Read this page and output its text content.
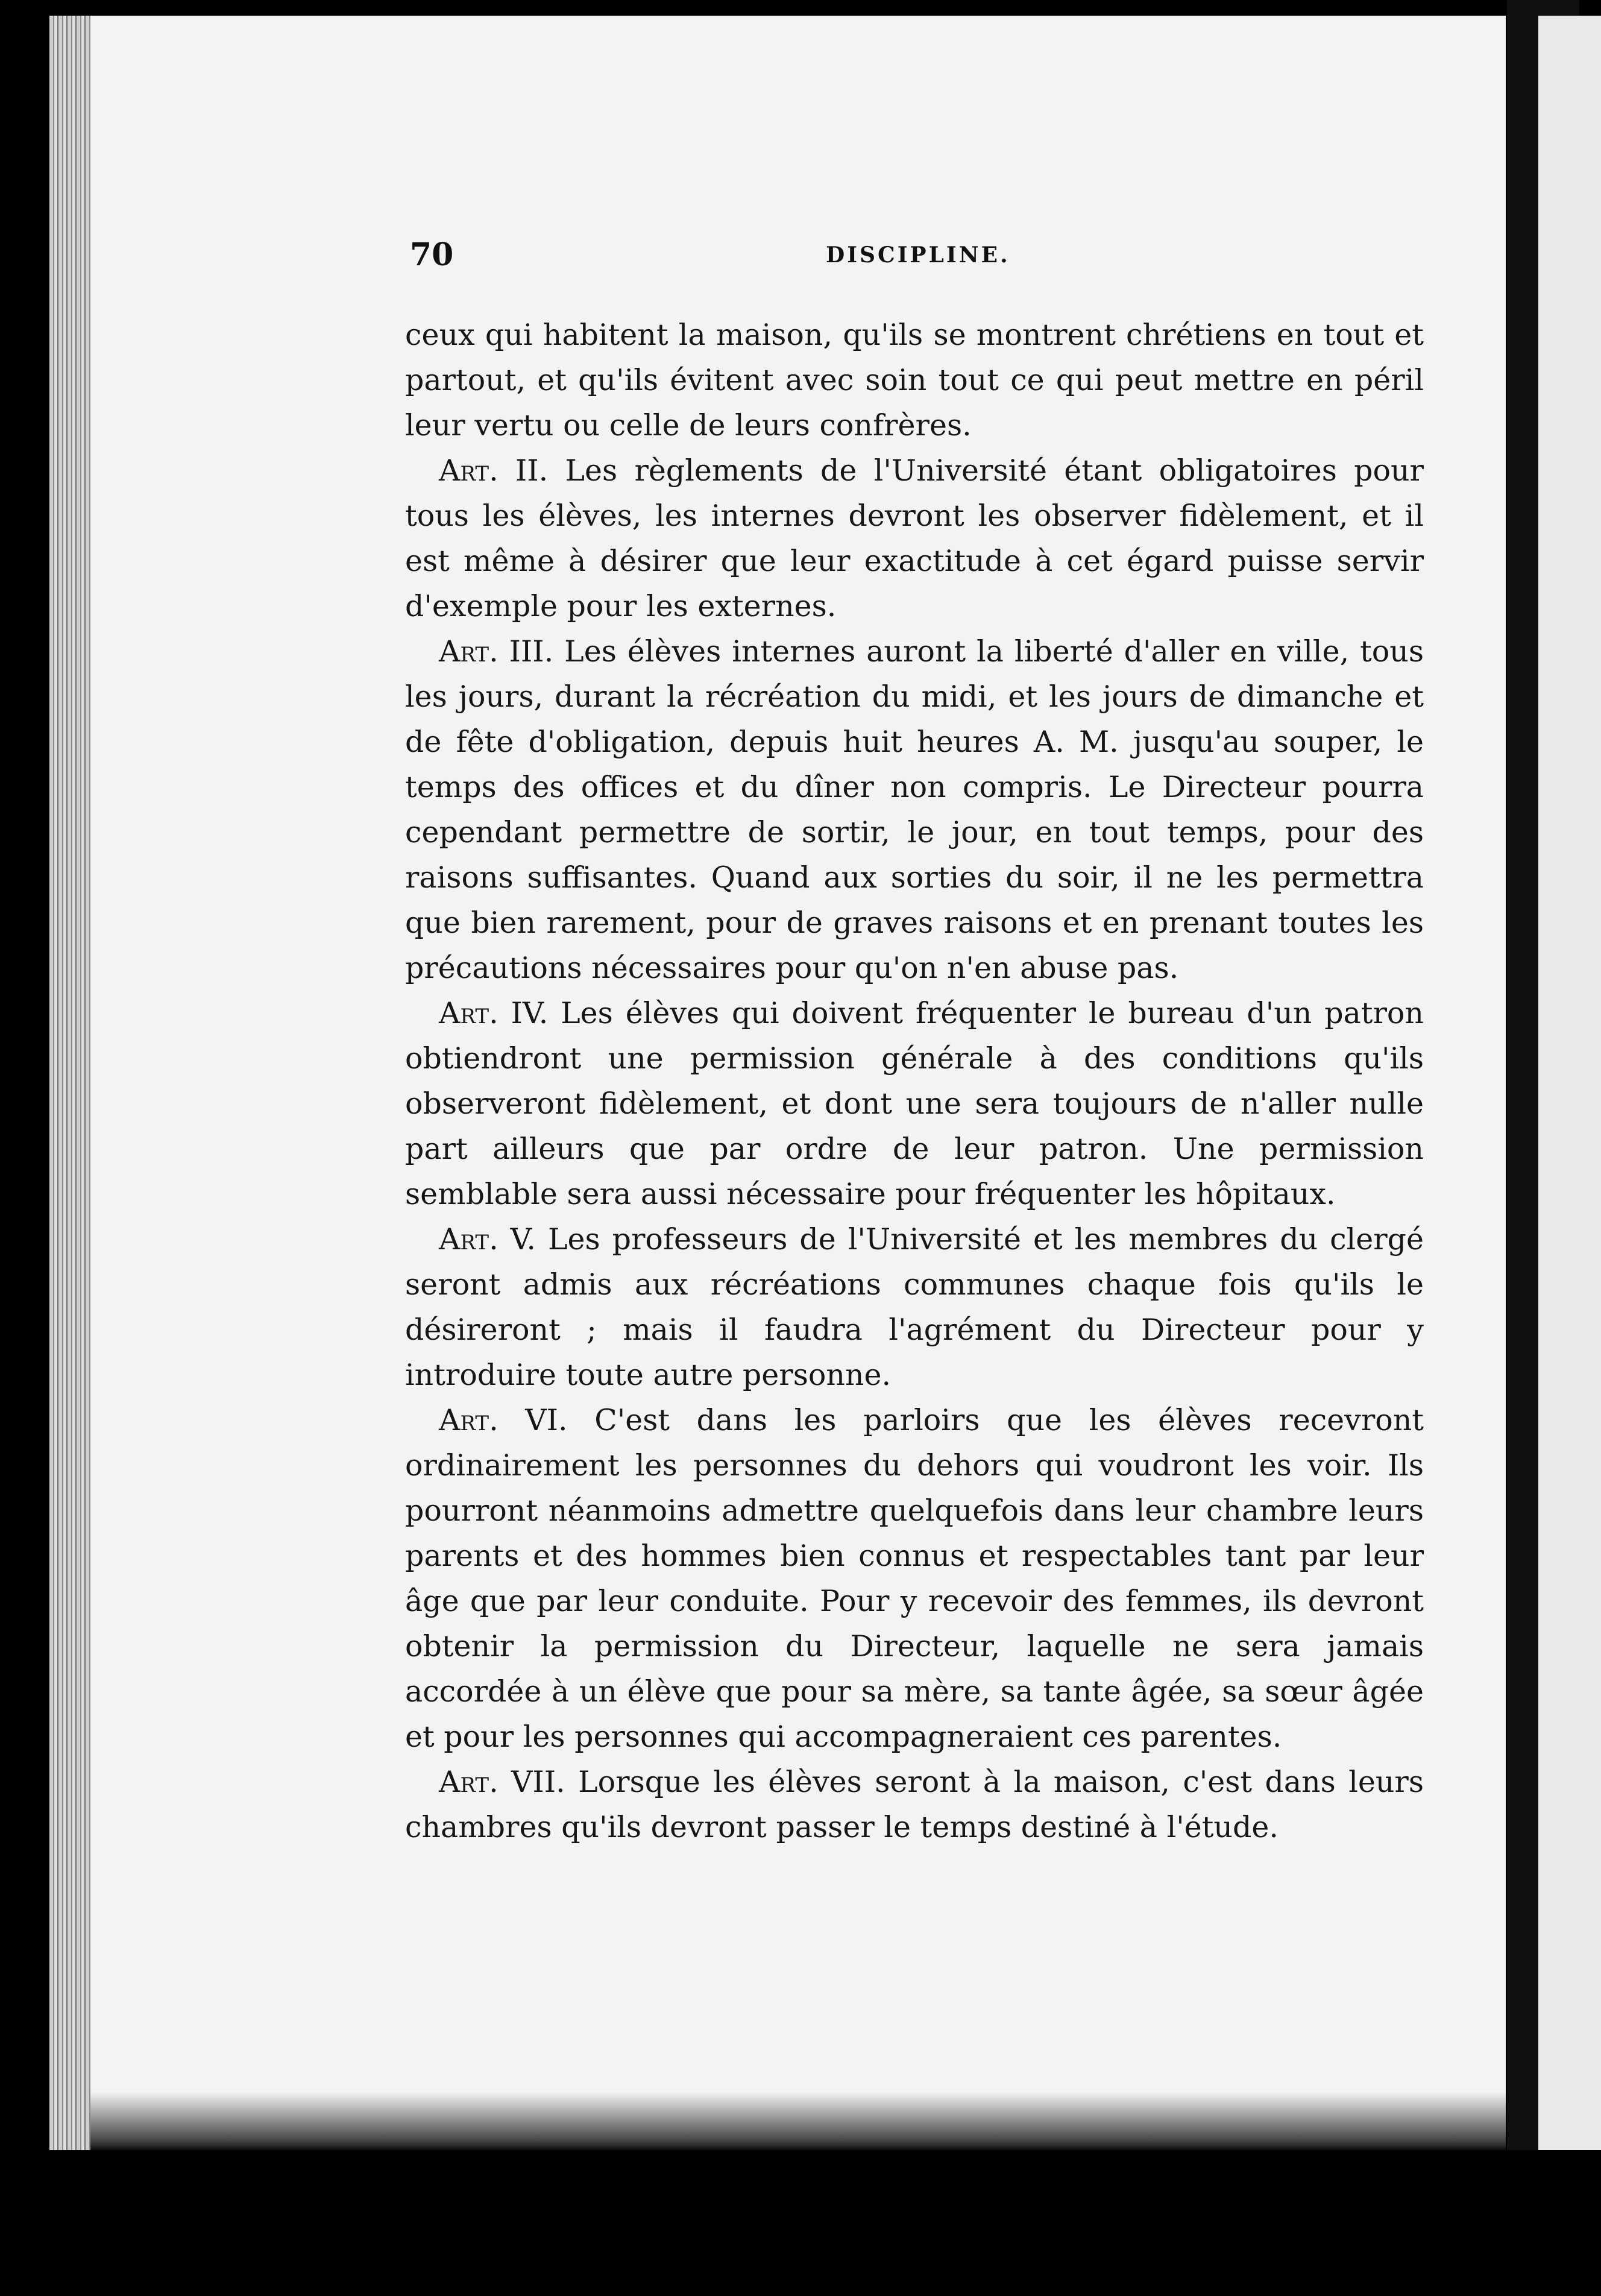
70	DISCIPLINE.

ceux qui habitent la maison, qu'ils se montrent chrétiens en tout et partout, et qu'ils évitent avec soin tout ce qui peut mettre en péril leur vertu ou celle de leurs confrères.

Art. II. Les règlements de l'Université étant obligatoires pour tous les élèves, les internes devront les observer fidèlement, et il est même à désirer que leur exactitude à cet égard puisse servir d'exemple pour les externes.

Art. III. Les élèves internes auront la liberté d'aller en ville, tous les jours, durant la récréation du midi, et les jours de dimanche et de fête d'obligation, depuis huit heures A. M. jusqu'au souper, le temps des offices et du dîner non compris. Le Directeur pourra cependant permettre de sortir, le jour, en tout temps, pour des raisons suffisantes. Quand aux sorties du soir, il ne les permettra que bien rarement, pour de graves raisons et en prenant toutes les précautions nécessaires pour qu'on n'en abuse pas.

Art. IV. Les élèves qui doivent fréquenter le bureau d'un patron obtiendront une permission générale à des conditions qu'ils observeront fidèlement, et dont une sera toujours de n'aller nulle part ailleurs que par ordre de leur patron. Une permission semblable sera aussi nécessaire pour fréquenter les hôpitaux.

Art. V. Les professeurs de l'Université et les membres du clergé seront admis aux récréations communes chaque fois qu'ils le désireront ; mais il faudra l'agrément du Directeur pour y introduire toute autre personne.

Art. VI. C'est dans les parloirs que les élèves recevront ordinairement les personnes du dehors qui voudront les voir. Ils pourront néanmoins admettre quelquefois dans leur chambre leurs parents et des hommes bien connus et respectables tant par leur âge que par leur conduite. Pour y recevoir des femmes, ils devront obtenir la permission du Directeur, laquelle ne sera jamais accordée à un élève que pour sa mère, sa tante âgée, sa sœur âgée et pour les personnes qui accompagneraient ces parentes.

Art. VII. Lorsque les élèves seront à la maison, c'est dans leurs chambres qu'ils devront passer le temps destiné à l'étude.
